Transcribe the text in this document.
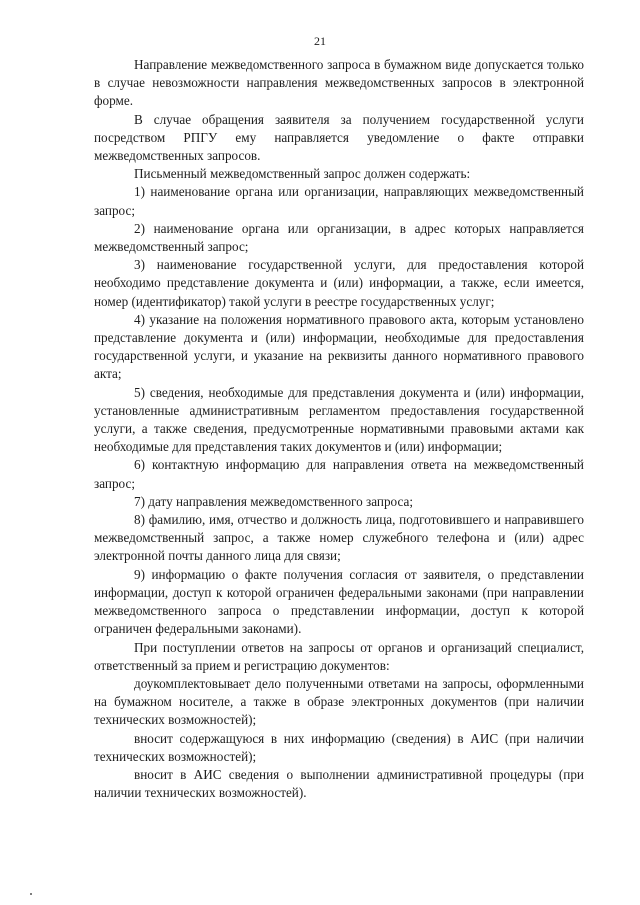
21

Направление межведомственного запроса в бумажном виде допускается только в случае невозможности направления межведомственных запросов в электронной форме.

В случае обращения заявителя за получением государственной услуги посредством РПГУ ему направляется уведомление о факте отправки межведомственных запросов.

Письменный межведомственный запрос должен содержать:

1) наименование органа или организации, направляющих межведомственный запрос;

2) наименование органа или организации, в адрес которых направляется межведомственный запрос;

3) наименование государственной услуги, для предоставления которой необходимо представление документа и (или) информации, а также, если имеется, номер (идентификатор) такой услуги в реестре государственных услуг;

4) указание на положения нормативного правового акта, которым установлено представление документа и (или) информации, необходимые для предоставления государственной услуги, и указание на реквизиты данного нормативного правового акта;

5) сведения, необходимые для представления документа и (или) информации, установленные административным регламентом предоставления государственной услуги, а также сведения, предусмотренные нормативными правовыми актами как необходимые для представления таких документов и (или) информации;

6) контактную информацию для направления ответа на межведомственный запрос;

7) дату направления межведомственного запроса;

8) фамилию, имя, отчество и должность лица, подготовившего и направившего межведомственный запрос, а также номер служебного телефона и (или) адрес электронной почты данного лица для связи;

9) информацию о факте получения согласия от заявителя, о представлении информации, доступ к которой ограничен федеральными законами (при направлении межведомственного запроса о представлении информации, доступ к которой ограничен федеральными законами).

При поступлении ответов на запросы от органов и организаций специалист, ответственный за прием и регистрацию документов:

доукомплектовывает дело полученными ответами на запросы, оформленными на бумажном носителе, а также в образе электронных документов (при наличии технических возможностей);

вносит содержащуюся в них информацию (сведения) в АИС (при наличии технических возможностей);

вносит в АИС сведения о выполнении административной процедуры (при наличии технических возможностей).
